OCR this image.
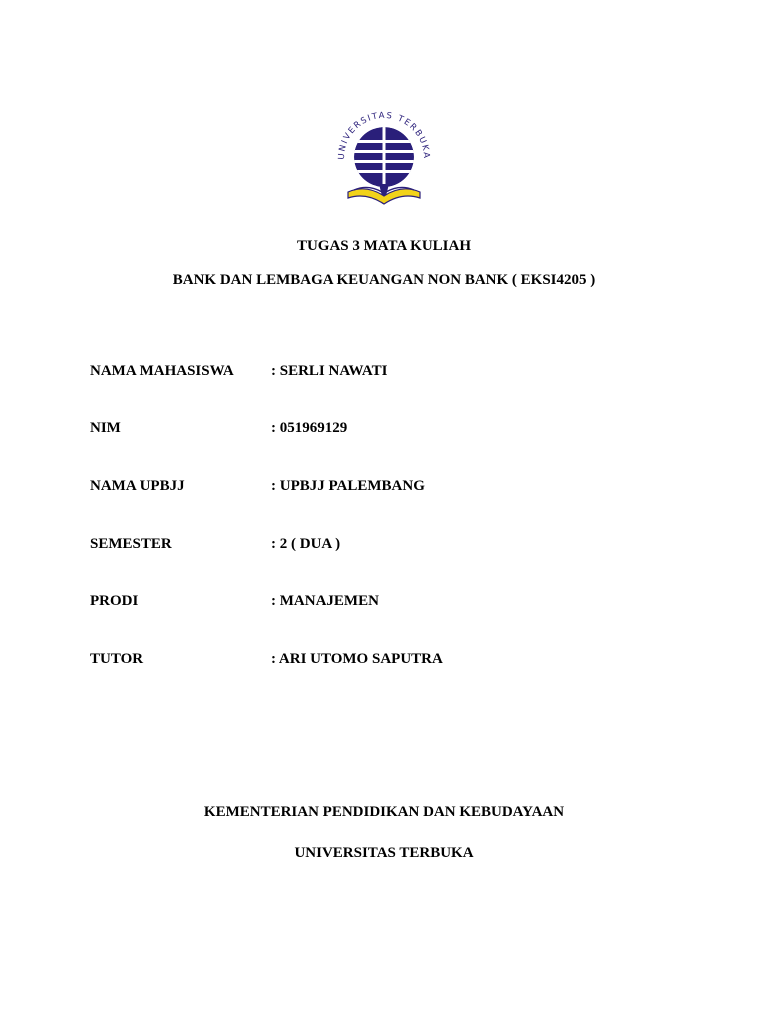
UNIVERSITAS TERBUKA
TUGAS 3 MATA KULIAH
BANK DAN LEMBAGA KEUANGAN NON BANK ( EKSI4205 )
NAMA MAHASISWA : SERLI NAWATI
NIM	: 051969129
NAMA UPBJJ	: UPBJJ PALEMBANG
SEMESTER	: 2 ( DUA )
PRODI	: MANAJEMEN
TUTOR	: ARI UTOMO SAPUTRA
KEMENTERIAN PENDIDIKAN DAN KEBUDAYAAN
UNIVERSITAS TERBUKA
